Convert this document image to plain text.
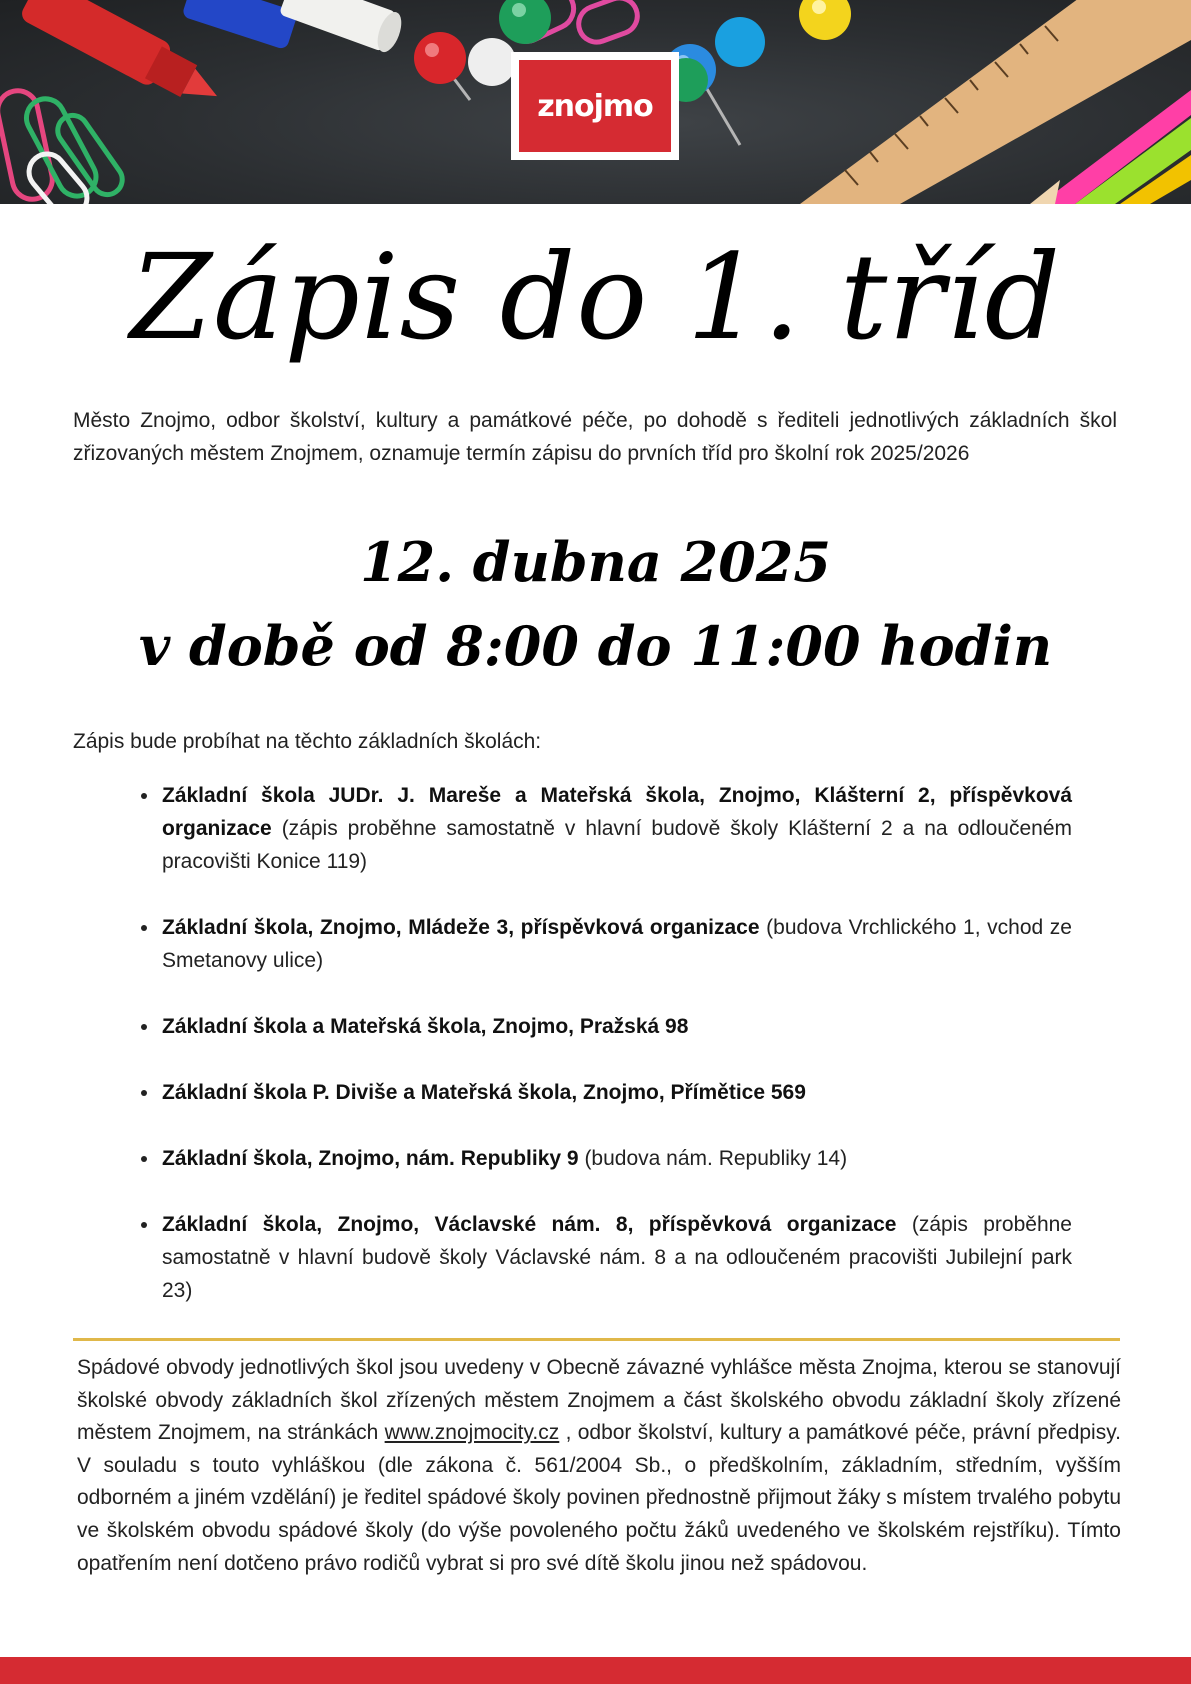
znojmo
Zápis do 1. tříd

Město Znojmo, odbor školství, kultury a památkové péče, po dohodě s řediteli jednotlivých základních škol zřizovaných městem Znojmem, oznamuje termín zápisu do prvních tříd pro školní rok 2025/2026

12. dubna 2025
v době od 8:00 do 11:00 hodin

Zápis bude probíhat na těchto základních školách:

• Základní škola JUDr. J. Mareše a Mateřská škola, Znojmo, Klášterní 2, příspěvková organizace (zápis proběhne samostatně v hlavní budově školy Klášterní 2 a na odloučeném pracovišti Konice 119)
• Základní škola, Znojmo, Mládeže 3, příspěvková organizace (budova Vrchlického 1, vchod ze Smetanovy ulice)
• Základní škola a Mateřská škola, Znojmo, Pražská 98
• Základní škola P. Diviše a Mateřská škola, Znojmo, Přímětice 569
• Základní škola, Znojmo, nám. Republiky 9 (budova nám. Republiky 14)
• Základní škola, Znojmo, Václavské nám. 8, příspěvková organizace (zápis proběhne samostatně v hlavní budově školy Václavské nám. 8 a na odloučeném pracovišti Jubilejní park 23)

Spádové obvody jednotlivých škol jsou uvedeny v Obecně závazné vyhlášce města Znojma, kterou se stanovují školské obvody základních škol zřízených městem Znojmem a část školského obvodu základní školy zřízené městem Znojmem, na stránkách www.znojmocity.cz , odbor školství, kultury a památkové péče, právní předpisy. V souladu s touto vyhláškou (dle zákona č. 561/2004 Sb., o předškolním, základním, středním, vyšším odborném a jiném vzdělání) je ředitel spádové školy povinen přednostně přijmout žáky s místem trvalého pobytu ve školském obvodu spádové školy (do výše povoleného počtu žáků uvedeného ve školském rejstříku). Tímto opatřením není dotčeno právo rodičů vybrat si pro své dítě školu jinou než spádovou.
